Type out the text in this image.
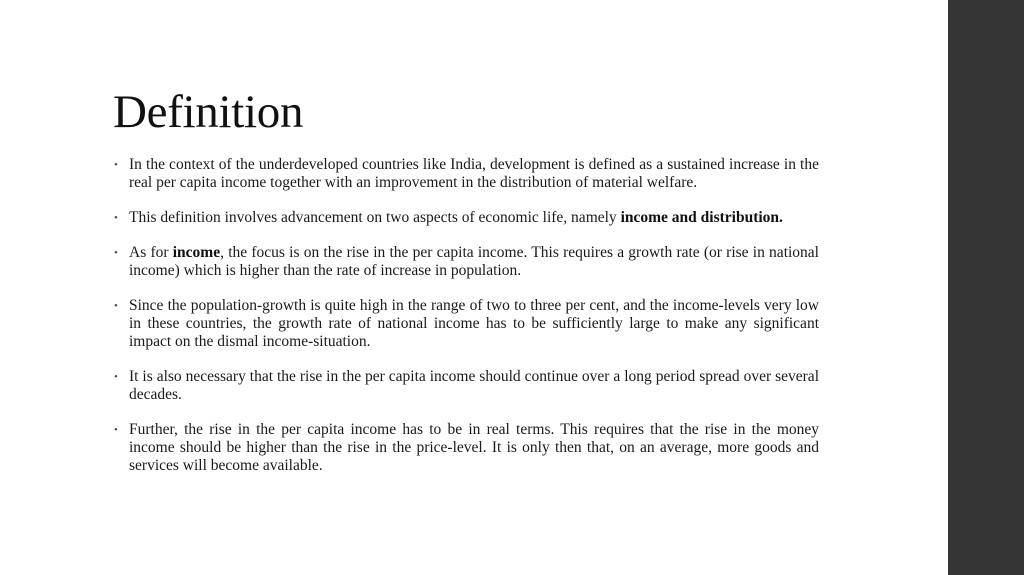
Definition
• In the context of the underdeveloped countries like India, development is defined as a sustained increase in the real per capita income together with an improvement in the distribution of material welfare.
• This definition involves advancement on two aspects of economic life, namely income and distribution.
• As for income, the focus is on the rise in the per capita income. This requires a growth rate (or rise in national income) which is higher than the rate of increase in population.
• Since the population-growth is quite high in the range of two to three per cent, and the income-levels very low in these countries, the growth rate of national income has to be sufficiently large to make any significant impact on the dismal income-situation.
• It is also necessary that the rise in the per capita income should continue over a long period spread over several decades.
• Further, the rise in the per capita income has to be in real terms. This requires that the rise in the money income should be higher than the rise in the price-level. It is only then that, on an average, more goods and services will become available.
